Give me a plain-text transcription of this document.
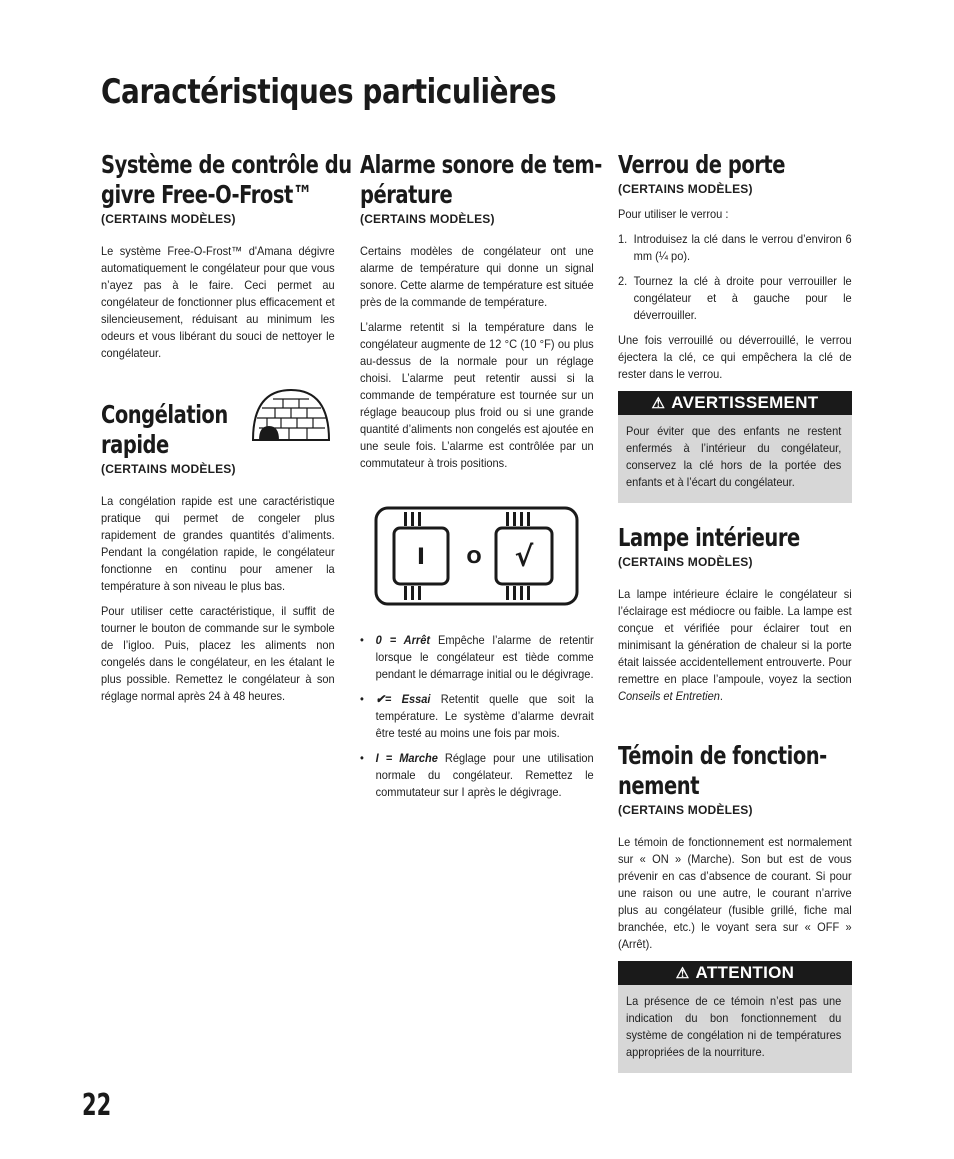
Caractéristiques particulières
Système de contrôle du
givre Free-O-Frost™
(CERTAINS MODÈLES)

Le système Free-O-Frost™ d'Amana dégivre automatiquement le congélateur pour que vous n’ayez pas à le faire. Ceci permet au congélateur de fonctionner plus efficacement et silencieusement, réduisant au minimum les odeurs et vous libérant du souci de nettoyer le congélateur.

Congélation
rapide
(CERTAINS MODÈLES)

La congélation rapide est une caractéristique pratique qui permet de congeler plus rapidement de grandes quantités d’aliments. Pendant la congélation rapide, le congélateur fonctionne en continu pour amener la température à son niveau le plus bas.

Pour utiliser cette caractéristique, il suffit de tourner le bouton de commande sur le symbole de l’igloo. Puis, placez les aliments non congelés dans le congélateur, en les étalant le plus possible. Remettez le congélateur à son réglage normal après 24 à 48 heures.

Alarme sonore de tem-
pérature
(CERTAINS MODÈLES)

Certains modèles de congélateur ont une alarme de température qui donne un signal sonore. Cette alarme de température est située près de la commande de température.

L’alarme retentit si la température dans le congélateur augmente de 12 °C (10 °F) ou plus au-dessus de la normale pour un réglage choisi. L’alarme peut retentir aussi si la commande de température est tournée sur un réglage beaucoup plus froid ou si une grande quantité d’aliments non congelés est ajoutée en une seule fois. L’alarme est contrôlée par un commutateur à trois positions.

I O √
• 0 = Arrêt Empêche l’alarme de retentir lorsque le congélateur est tiède comme pendant le démarrage initial ou le dégivrage.
• ✔= Essai Retentit quelle que soit la température. Le système d’alarme devrait être testé au moins une fois par mois.
• I = Marche Réglage pour une utilisation normale du congélateur. Remettez le commutateur sur I après le dégivrage.
Verrou de porte
(CERTAINS MODÈLES)

Pour utiliser le verrou :

1. Introduisez la clé dans le verrou d’environ 6 mm (¼ po).
2. Tournez la clé à droite pour verrouiller le congélateur et à gauche pour le déverrouiller.

Une fois verrouillé ou déverrouillé, le verrou éjectera la clé, ce qui empêchera la clé de rester dans le verrou.

⚠ AVERTISSEMENT

Pour éviter que des enfants ne restent enfermés à l’intérieur du congélateur, conservez la clé hors de la portée des enfants et à l’écart du congélateur.

Lampe intérieure
(CERTAINS MODÈLES)

La lampe intérieure éclaire le congélateur si l’éclairage est médiocre ou faible. La lampe est conçue et vérifiée pour éclairer tout en minimisant la génération de chaleur si la porte était laissée accidentellement entrouverte. Pour remettre en place l’ampoule, voyez la section Conseils et Entretien.

Témoin de fonction-
nement
(CERTAINS MODÈLES)

Le témoin de fonctionnement est normalement sur « ON » (Marche). Son but est de vous prévenir en cas d’absence de courant. Si pour une raison ou une autre, le courant n’arrive plus au congélateur (fusible grillé, fiche mal branchée, etc.) le voyant sera sur « OFF » (Arrêt).

⚠ ATTENTION

La présence de ce témoin n’est pas une indication du bon fonctionnement du système de congélation ni de températures appropriées de la nourriture.

22
